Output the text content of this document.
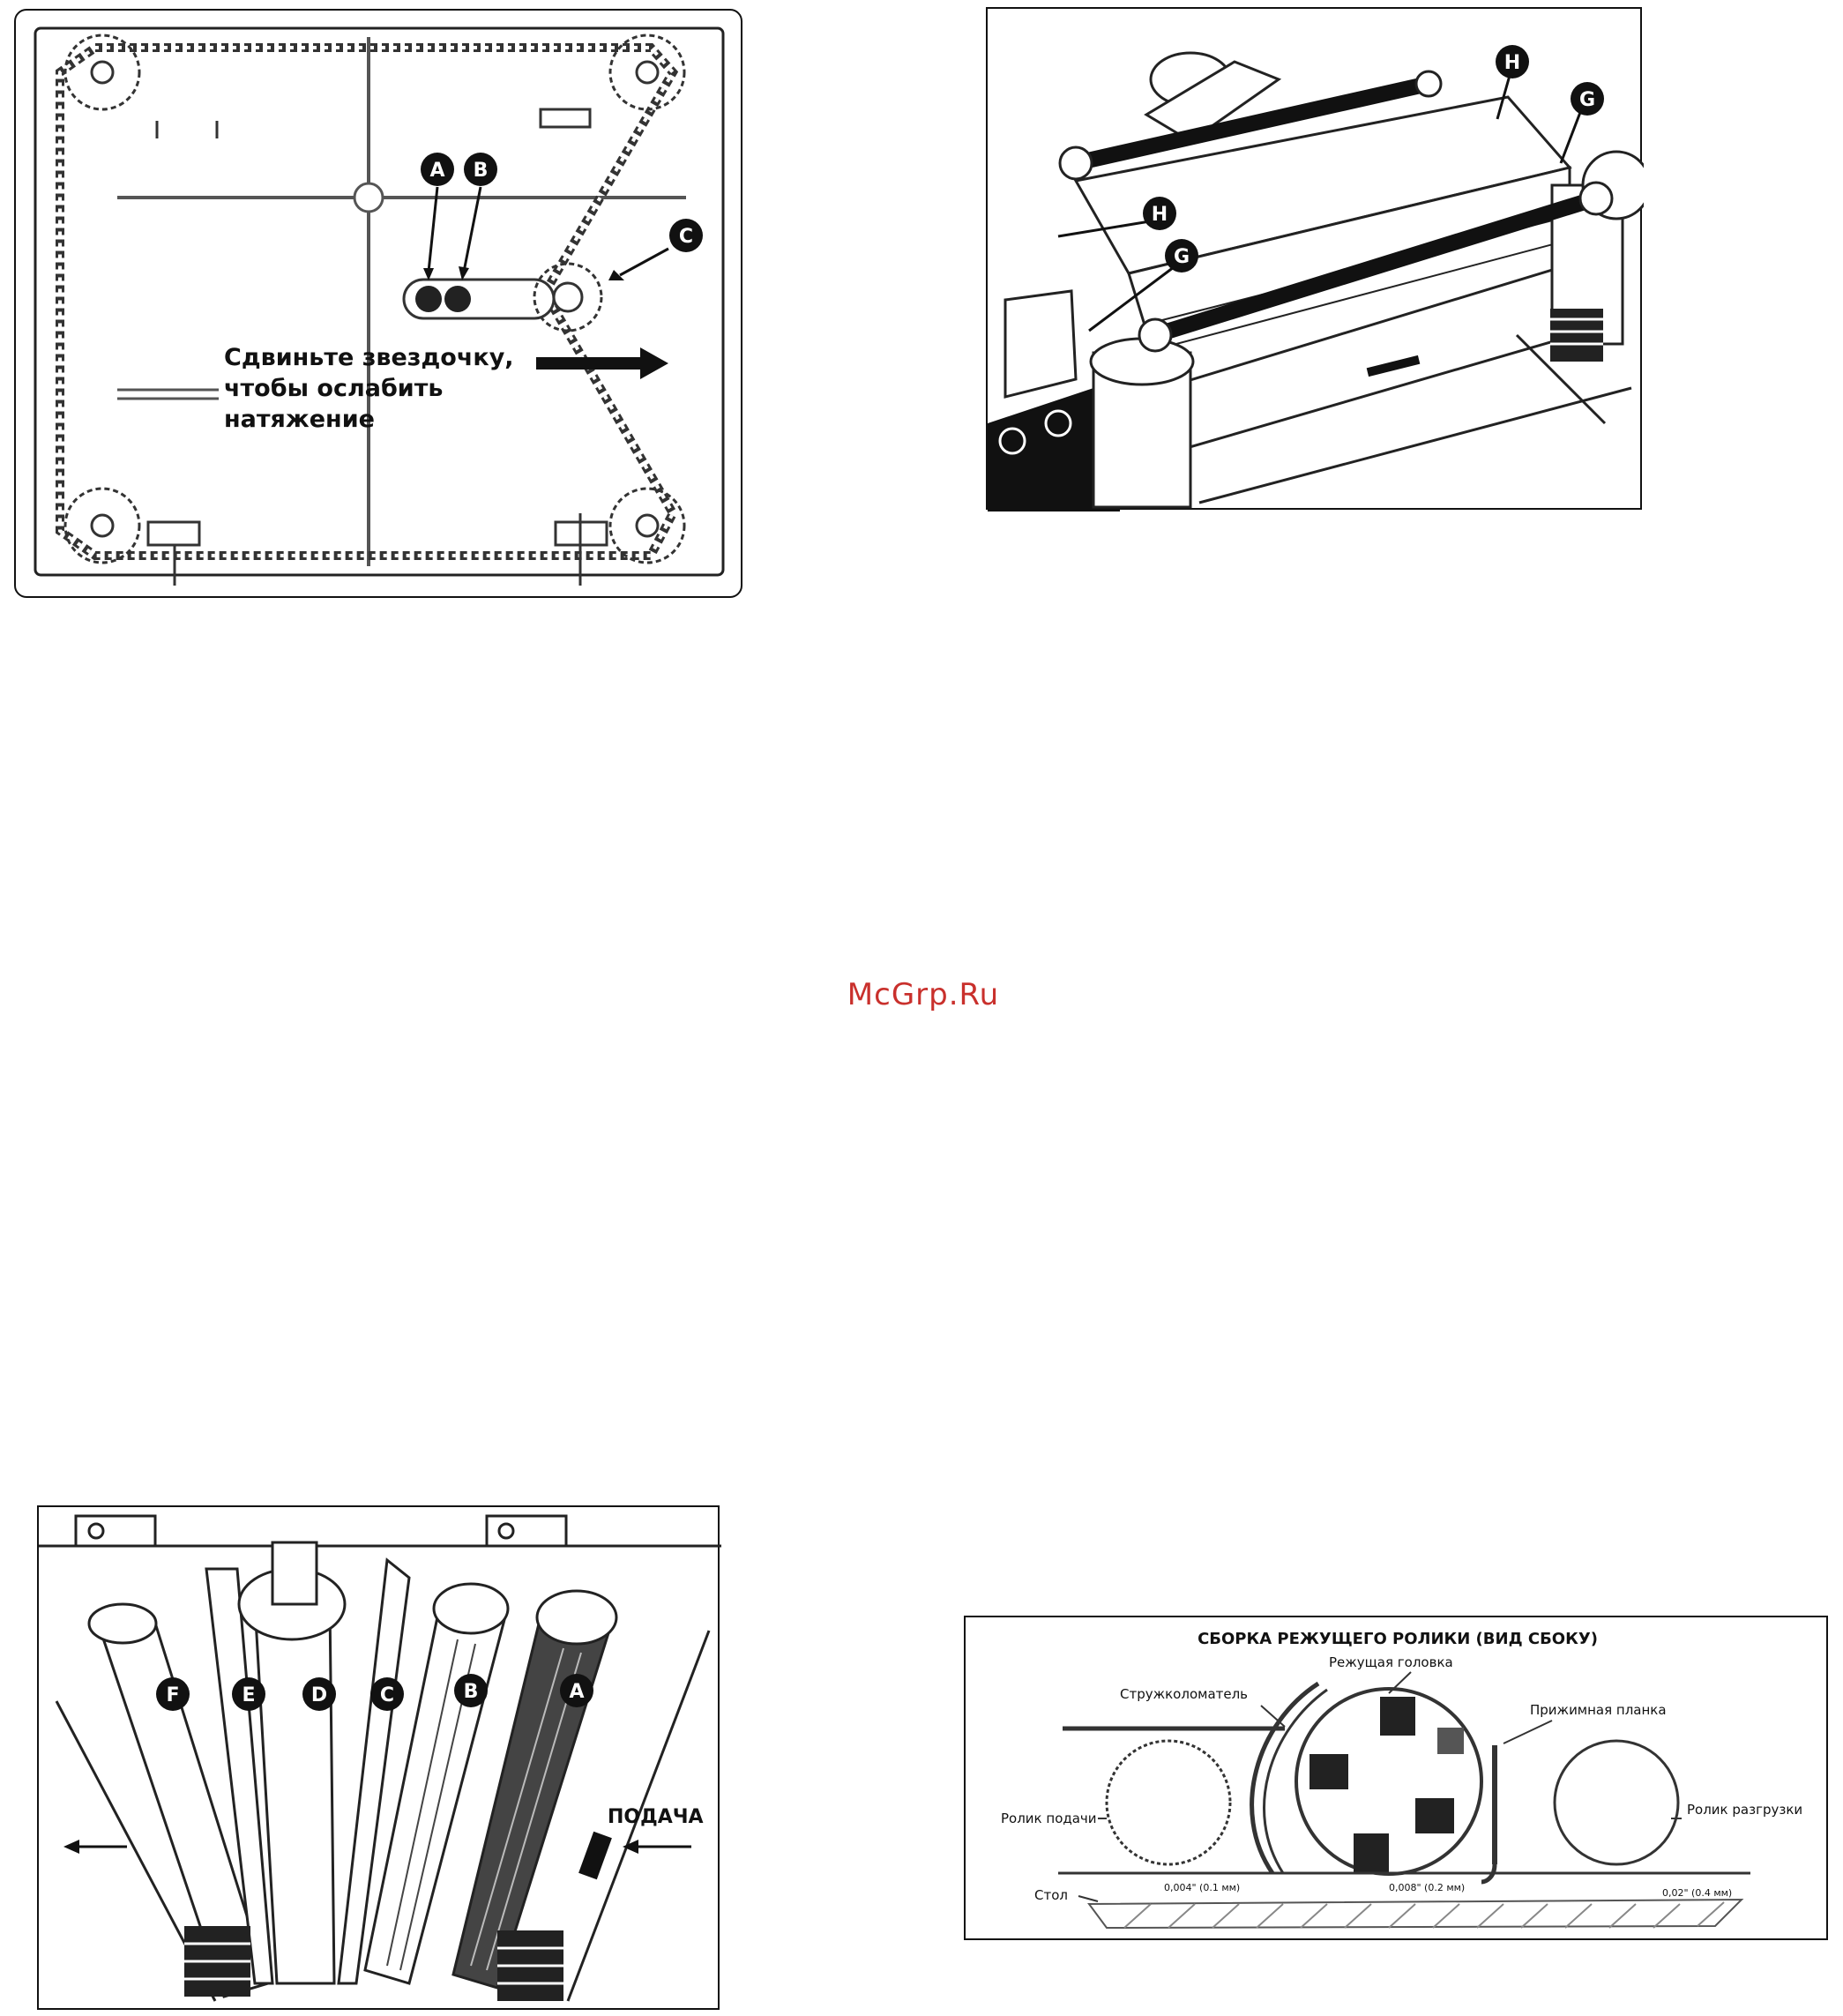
A B
C
Сдвиньте звездочку,
чтобы ослабить
натяжение
H
G
H
G
McGrp.Ru
ПОДАЧА
F	E	D	C	B	A
СБОРКА РЕЖУЩЕГО РОЛИКИ (ВИД СБОКУ)
Стружколоматель
Режущая головка
Прижимная планка
Ролик подачи
Ролик разгрузки
Стол	0,004" (0.1 мм)	0,008" (0.2 мм)	0,02" (0.4 мм)
